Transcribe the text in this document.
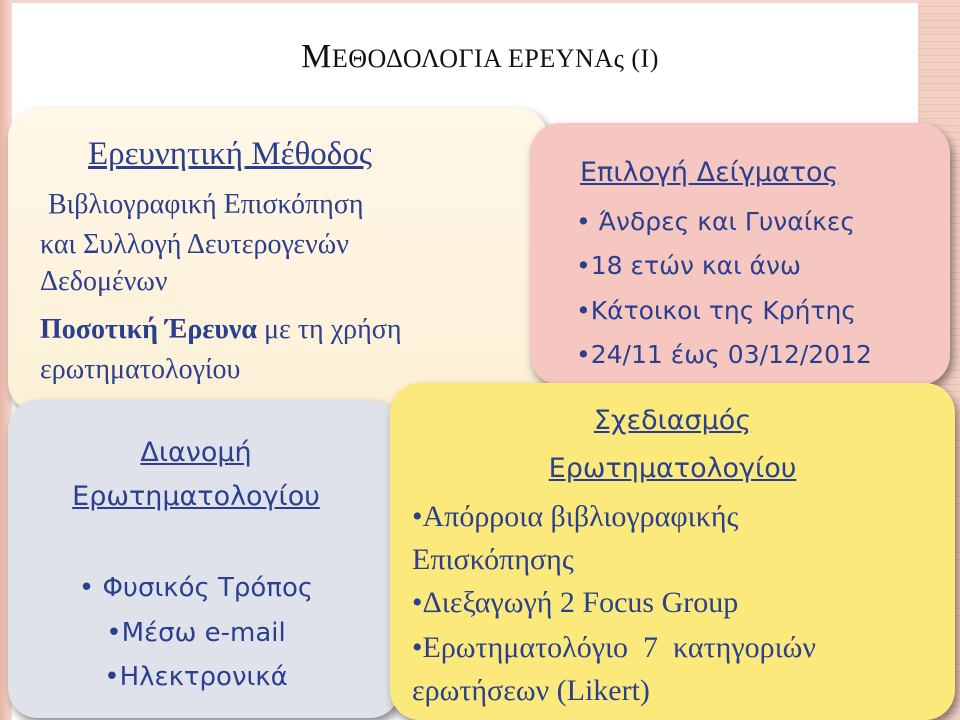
ΜΕΘΟΔΟΛΟΓΙΑ ΕΡΕΥΝΑς (Ι)
Ερευνητική Μέθοδος
Βιβλιογραφική Επισκόπηση
και Συλλογή Δευτερογενών
Δεδομένων
Ποσοτική Έρευνα με τη χρήση
ερωτηματολογίου
Επιλογή Δείγματος
• Άνδρες και Γυναίκες
•18 ετών και άνω
•Κάτοικοι της Κρήτης
•24/11 έως 03/12/2012
Διανομή
Ερωτηματολογίου
• Φυσικός Τρόπος
•Μέσω e-mail
•Ηλεκτρονικά
Σχεδιασμός
Ερωτηματολογίου
•Απόρροια βιβλιογραφικής
Επισκόπησης
•Διεξαγωγή 2 Focus Group
•Ερωτηματολόγιο  7  κατηγοριών
ερωτήσεων (Likert)
